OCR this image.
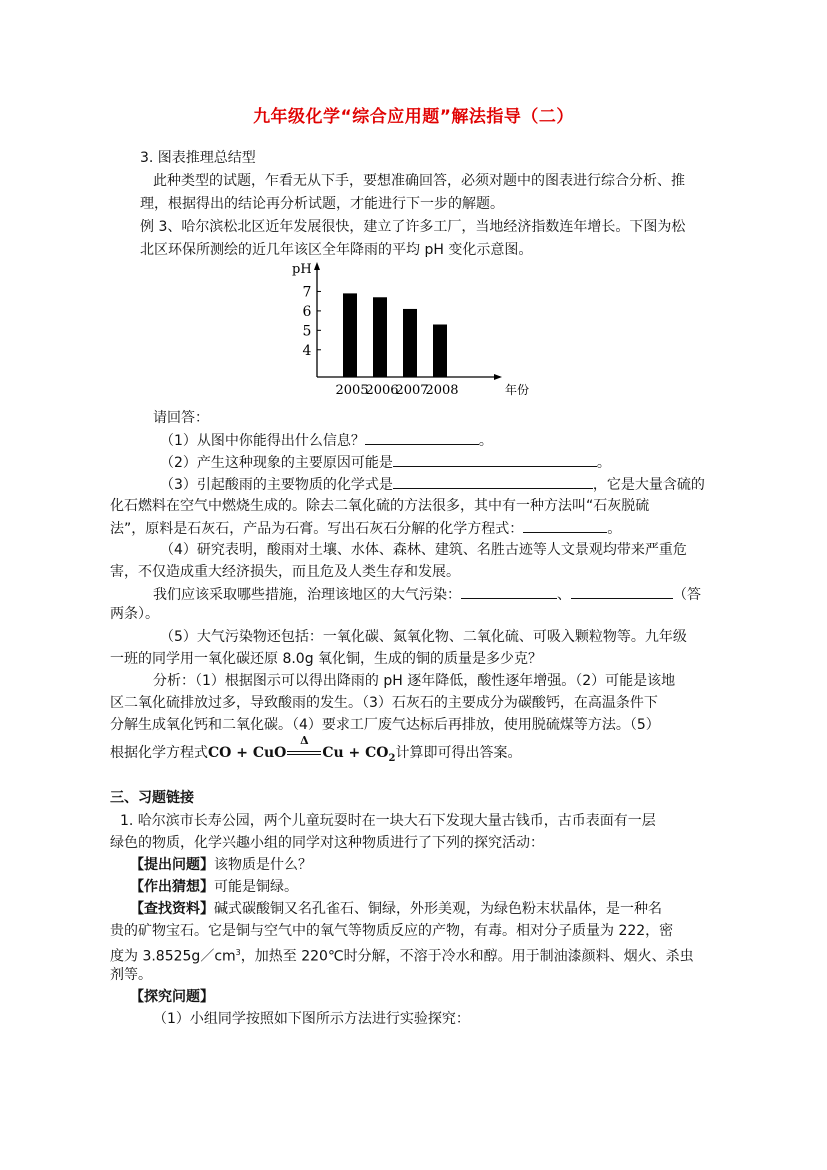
九年级化学“综合应用题”解法指导（二）
3. 图表推理总结型
此种类型的试题，乍看无从下手，要想准确回答，必须对题中的图表进行综合分析、推
理，根据得出的结论再分析试题，才能进行下一步的解题。
例 3、哈尔滨松北区近年发展很快，建立了许多工厂，当地经济指数连年增长。下图为松
北区环保所测绘的近几年该区全年降雨的平均 pH 变化示意图。
pH
4
5
6
7
2005
2006
2007
2008	年份
请回答：
（1）从图中你能得出什么信息？	。
（2）产生这种现象的主要原因可能是	。
（3）引起酸雨的主要物质的化学式是	，它是大量含硫的
化石燃料在空气中燃烧生成的。除去二氧化硫的方法很多，其中有一种方法叫“石灰脱硫
法”，原料是石灰石，产品为石膏。写出石灰石分解的化学方程式：	。
（4）研究表明，酸雨对土壤、水体、森林、建筑、名胜古迹等人文景观均带来严重危
害，不仅造成重大经济损失，而且危及人类生存和发展。
我们应该采取哪些措施，治理该地区的大气污染：	、	（答
两条）。
（5）大气污染物还包括：一氧化碳、氮氧化物、二氧化硫、可吸入颗粒物等。九年级
一班的同学用一氧化碳还原 8.0g 氧化铜，生成的铜的质量是多少克？
分析：（1）根据图示可以得出降雨的 pH 逐年降低，酸性逐年增强。（2）可能是该地
区二氧化硫排放过多，导致酸雨的发生。（3）石灰石的主要成分为碳酸钙，在高温条件下
分解生成氧化钙和二氧化碳。（4）要求工厂废气达标后再排放，使用脱硫煤等方法。（5）
根据化学方程式CO + CuO
Δ
$Cu + CO_2$计算即可得出答案。
三、习题链接
1. 哈尔滨市长寿公园，两个儿童玩耍时在一块大石下发现大量古钱币，古币表面有一层
绿色的物质，化学兴趣小组的同学对这种物质进行了下列的探究活动：
【提出问题】该物质是什么？
【作出猜想】可能是铜绿。
【查找资料】碱式碳酸铜又名孔雀石、铜绿，外形美观，为绿色粉末状晶体，是一种名
贵的矿物宝石。它是铜与空气中的氧气等物质反应的产物，有毒。相对分子质量为 222，密
度为 $3.8525g/cm^3$，加热至 220℃时分解，不溶于冷水和醇。用于制油漆颜料、烟火、杀虫
剂等。
【探究问题】
（1）小组同学按照如下图所示方法进行实验探究：
